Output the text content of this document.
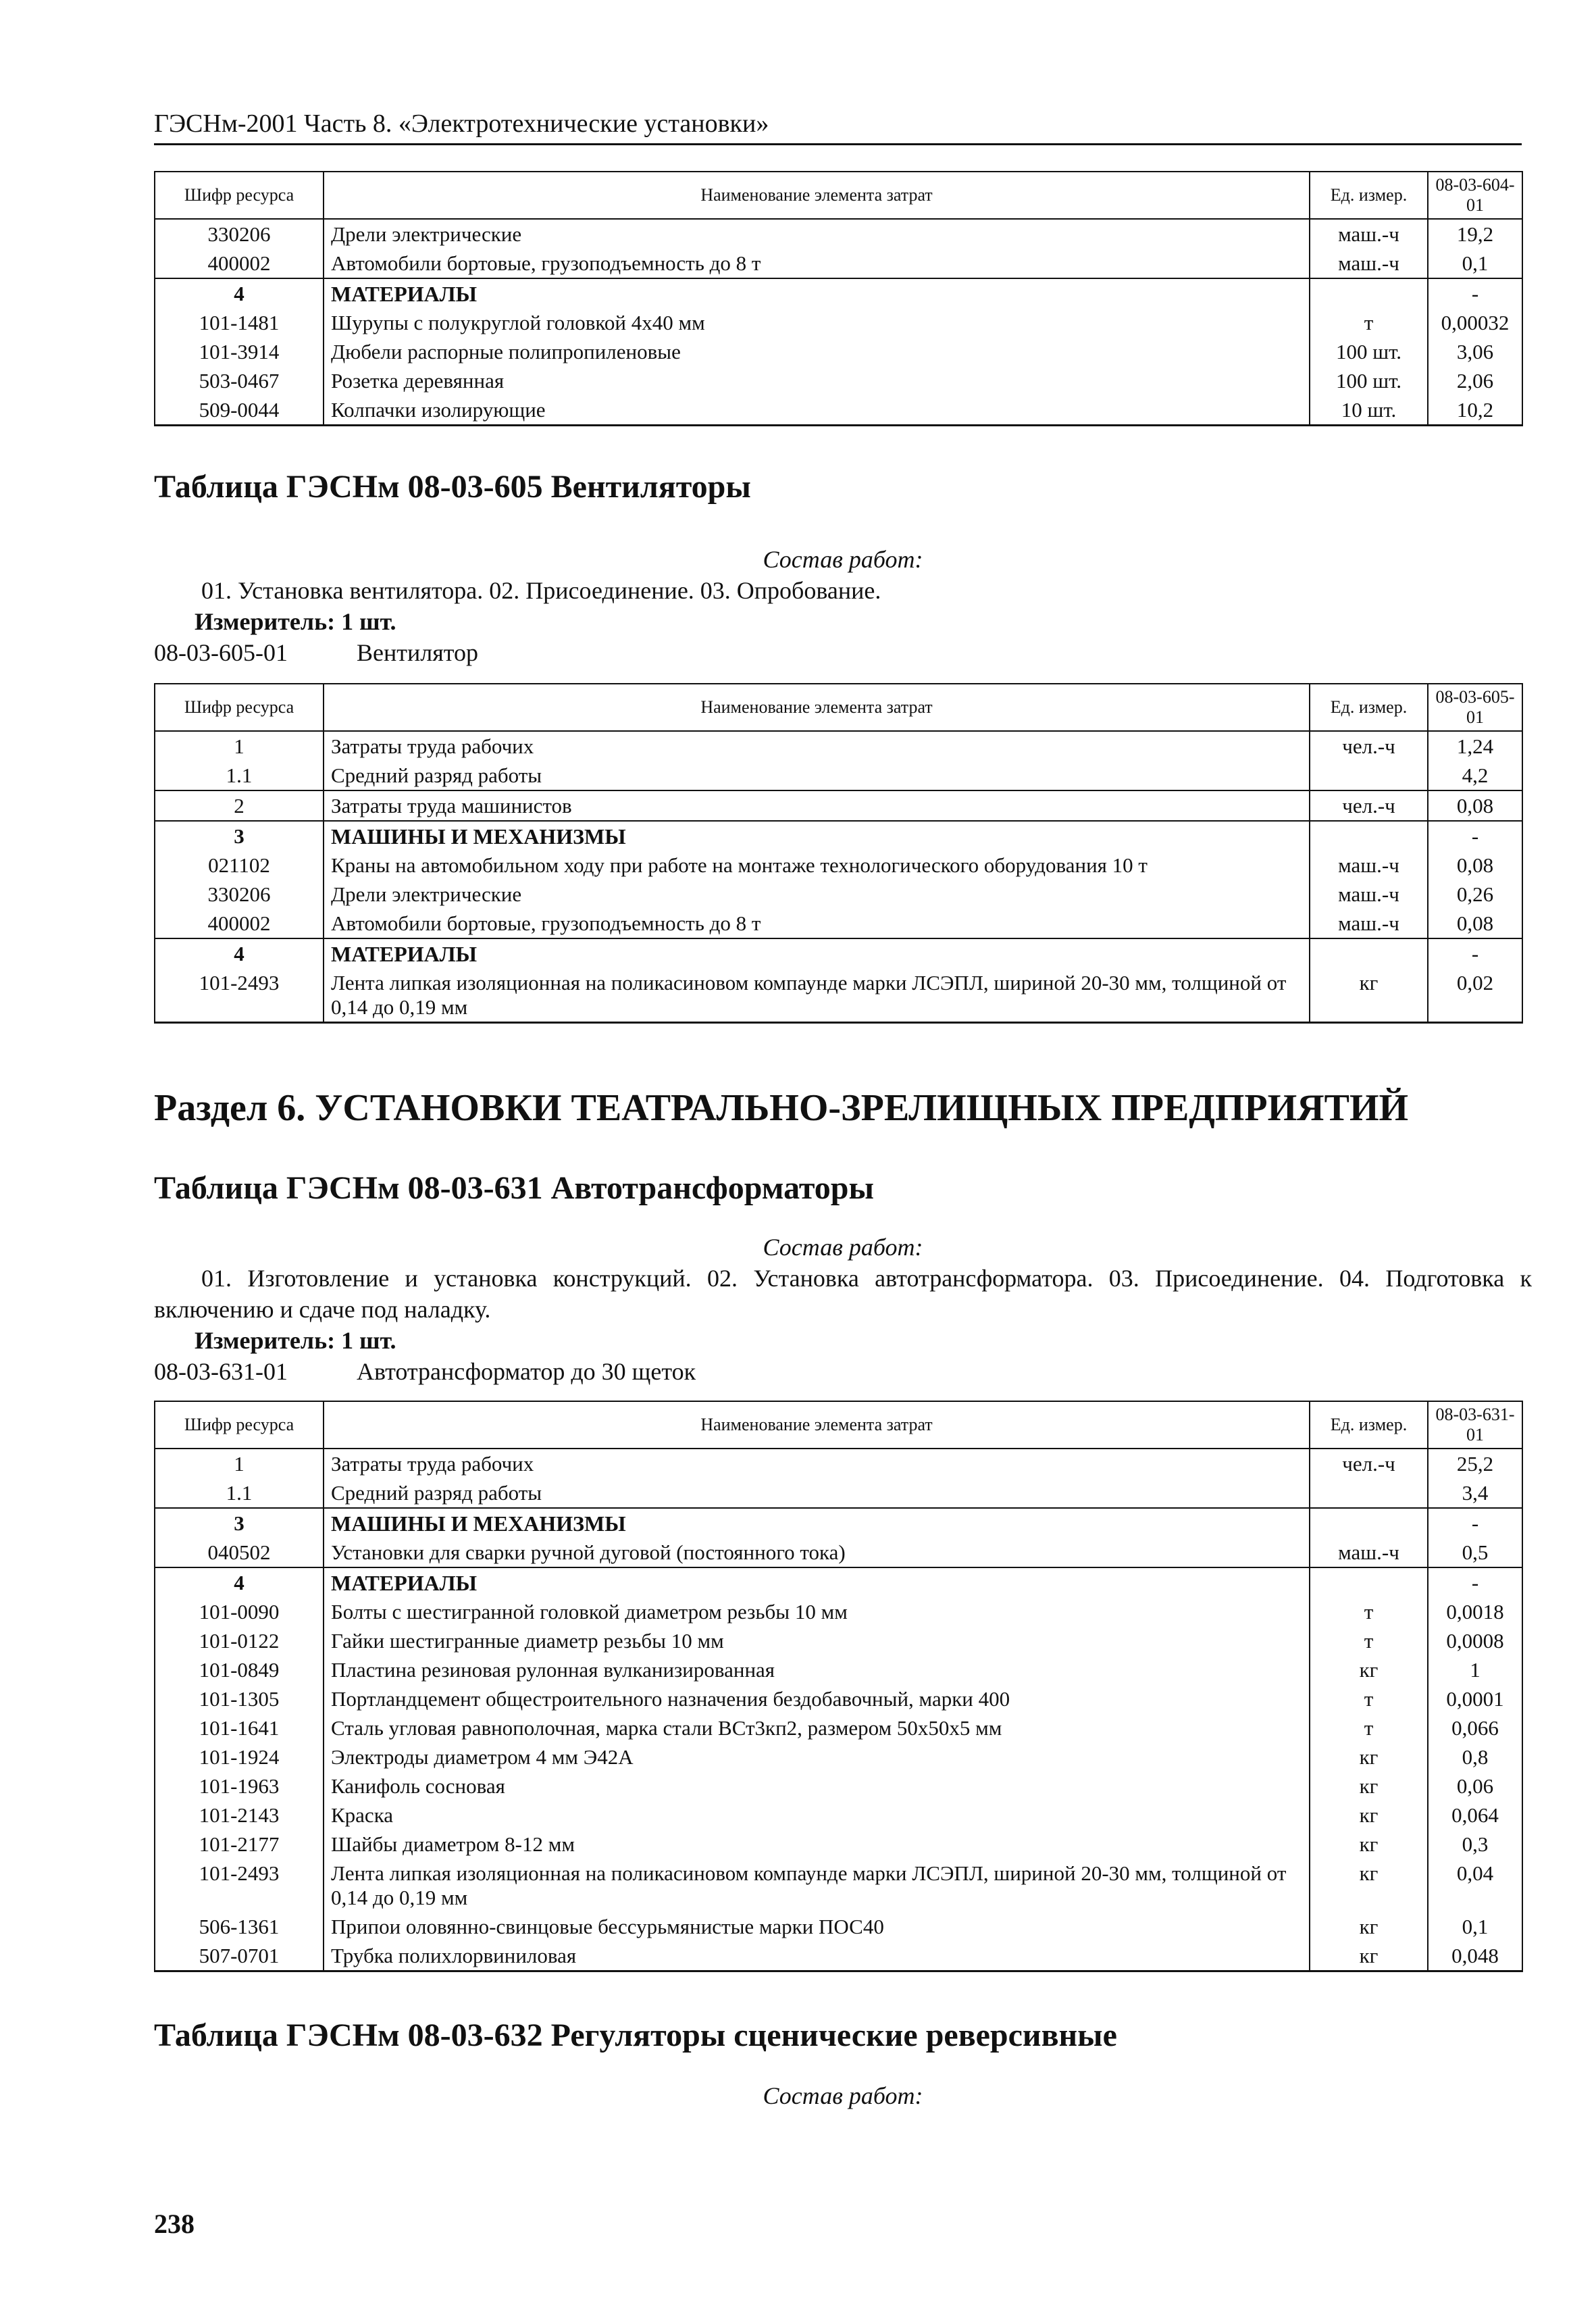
ГЭСНм-2001 Часть 8. «Электротехнические установки»
Шифр ресурса	Наименование элемента затрат	Ед. измер.	08-03-604-01
330206	Дрели электрические	маш.-ч	19,2
400002	Автомобили бортовые, грузоподъемность до 8 т	маш.-ч	0,1
4	МАТЕРИАЛЫ		-
101-1481	Шурупы с полукруглой головкой 4x40 мм	т	0,00032
101-3914	Дюбели распорные полипропиленовые	100 шт.	3,06
503-0467	Розетка деревянная	100 шт.	2,06
509-0044	Колпачки изолирующие	10 шт.	10,2
Таблица ГЭСНм 08-03-605 Вентиляторы
Состав работ:
01. Установка вентилятора. 02. Присоединение. 03. Опробование.
Измеритель: 1 шт.
08-03-605-01	Вентилятор
Шифр ресурса	Наименование элемента затрат	Ед. измер.	08-03-605-01
1	Затраты труда рабочих	чел.-ч	1,24
1.1	Средний разряд работы		4,2
2	Затраты труда машинистов	чел.-ч	0,08
3	МАШИНЫ И МЕХАНИЗМЫ		-
021102	Краны на автомобильном ходу при работе на монтаже технологического оборудования 10 т	маш.-ч	0,08
330206	Дрели электрические	маш.-ч	0,26
400002	Автомобили бортовые, грузоподъемность до 8 т	маш.-ч	0,08
4	МАТЕРИАЛЫ		-
101-2493	Лента липкая изоляционная на поликасиновом компаунде марки ЛСЭПЛ, шириной 20-30 мм, толщиной от 0,14 до 0,19 мм	кг	0,02
Раздел 6. УСТАНОВКИ ТЕАТРАЛЬНО-ЗРЕЛИЩНЫХ ПРЕДПРИЯТИЙ
Таблица ГЭСНм 08-03-631 Автотрансформаторы
Состав работ:
01. Изготовление и установка конструкций. 02. Установка автотрансформатора. 03. Присоединение. 04. Подготовка к включению и сдаче под наладку.
Измеритель: 1 шт.
08-03-631-01	Автотрансформатор до 30 щеток
Шифр ресурса	Наименование элемента затрат	Ед. измер.	08-03-631-01
1	Затраты труда рабочих	чел.-ч	25,2
1.1	Средний разряд работы		3,4
3	МАШИНЫ И МЕХАНИЗМЫ		-
040502	Установки для сварки ручной дуговой (постоянного тока)	маш.-ч	0,5
4	МАТЕРИАЛЫ		-
101-0090	Болты с шестигранной головкой диаметром резьбы 10 мм	т	0,0018
101-0122	Гайки шестигранные диаметр резьбы 10 мм	т	0,0008
101-0849	Пластина резиновая рулонная вулканизированная	кг	1
101-1305	Портландцемент общестроительного назначения бездобавочный, марки 400	т	0,0001
101-1641	Сталь угловая равнополочная, марка стали ВСт3кп2, размером 50x50x5 мм	т	0,066
101-1924	Электроды диаметром 4 мм Э42А	кг	0,8
101-1963	Канифоль сосновая	кг	0,06
101-2143	Краска	кг	0,064
101-2177	Шайбы диаметром 8-12 мм	кг	0,3
101-2493	Лента липкая изоляционная на поликасиновом компаунде марки ЛСЭПЛ, шириной 20-30 мм, толщиной от 0,14 до 0,19 мм	кг	0,04
506-1361	Припои оловянно-свинцовые бессурьмянистые марки ПОС40	кг	0,1
507-0701	Трубка полихлорвиниловая	кг	0,048
Таблица ГЭСНм 08-03-632 Регуляторы сценические реверсивные
Состав работ:
238
